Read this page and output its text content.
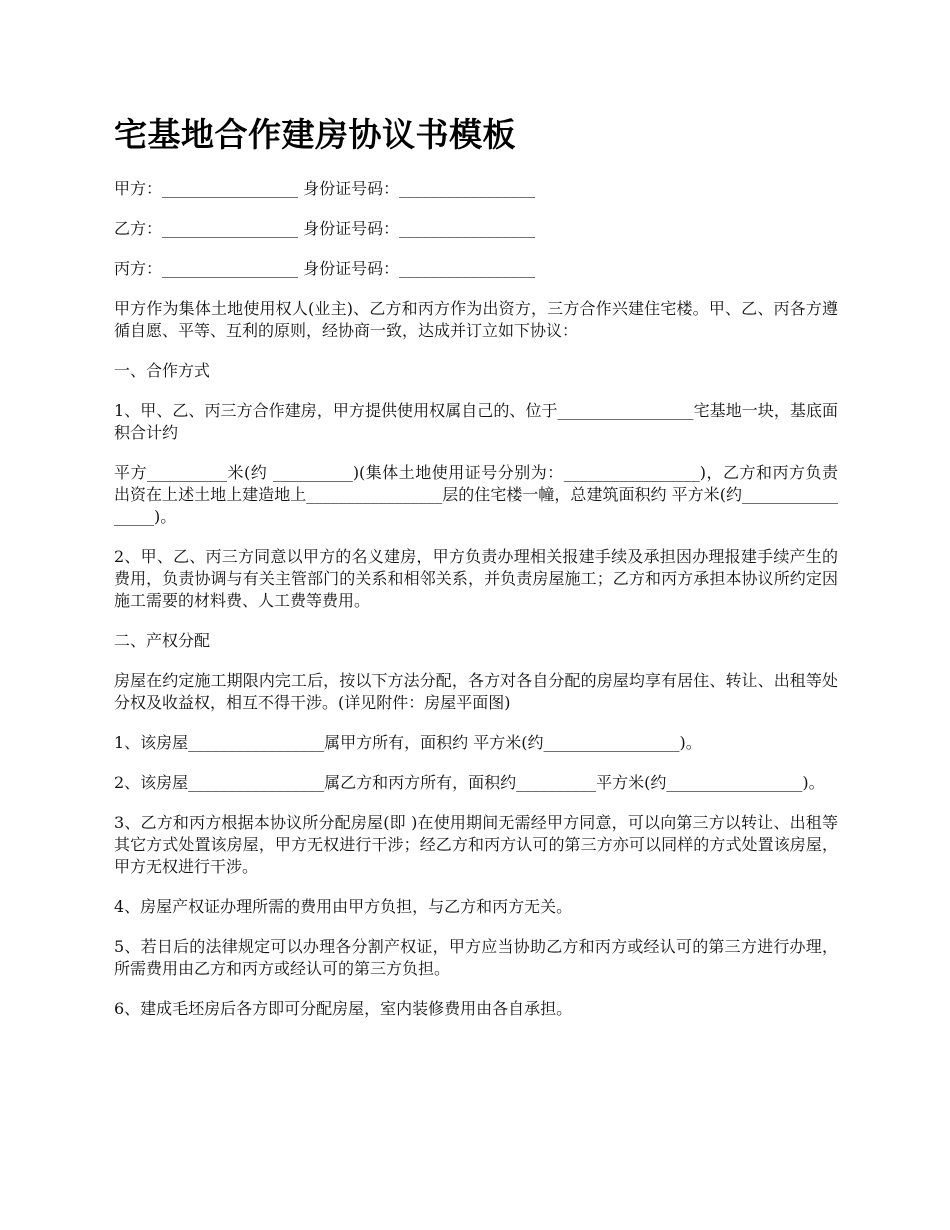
宅基地合作建房协议书模板

甲方：_________________ 身份证号码：_________________

乙方：_________________ 身份证号码：_________________

丙方：_________________ 身份证号码：_________________

甲方作为集体土地使用权人(业主)、乙方和丙方作为出资方，三方合作兴建住宅楼。甲、乙、丙各方遵循自愿、平等、互利的原则，经协商一致，达成并订立如下协议：

一、合作方式

1、甲、乙、丙三方合作建房，甲方提供使用权属自己的、位于_________________宅基地一块，基底面积合计约

平方__________米(约 __________)(集体土地使用证号分别为：_________________)，乙方和丙方负责出资在上述土地上建造地上_________________层的住宅楼一幢，总建筑面积约 平方米(约_________________)。

2、甲、乙、丙三方同意以甲方的名义建房，甲方负责办理相关报建手续及承担因办理报建手续产生的费用，负责协调与有关主管部门的关系和相邻关系，并负责房屋施工；乙方和丙方承担本协议所约定因施工需要的材料费、人工费等费用。

二、产权分配

房屋在约定施工期限内完工后，按以下方法分配，各方对各自分配的房屋均享有居住、转让、出租等处分权及收益权，相互不得干涉。(详见附件：房屋平面图)

1、该房屋_________________属甲方所有，面积约 平方米(约_________________)。

2、该房屋_________________属乙方和丙方所有，面积约__________平方米(约_________________)。

3、乙方和丙方根据本协议所分配房屋(即 )在使用期间无需经甲方同意，可以向第三方以转让、出租等其它方式处置该房屋，甲方无权进行干涉；经乙方和丙方认可的第三方亦可以同样的方式处置该房屋，甲方无权进行干涉。

4、房屋产权证办理所需的费用由甲方负担，与乙方和丙方无关。

5、若日后的法律规定可以办理各分割产权证，甲方应当协助乙方和丙方或经认可的第三方进行办理，所需费用由乙方和丙方或经认可的第三方负担。

6、建成毛坯房后各方即可分配房屋，室内装修费用由各自承担。
